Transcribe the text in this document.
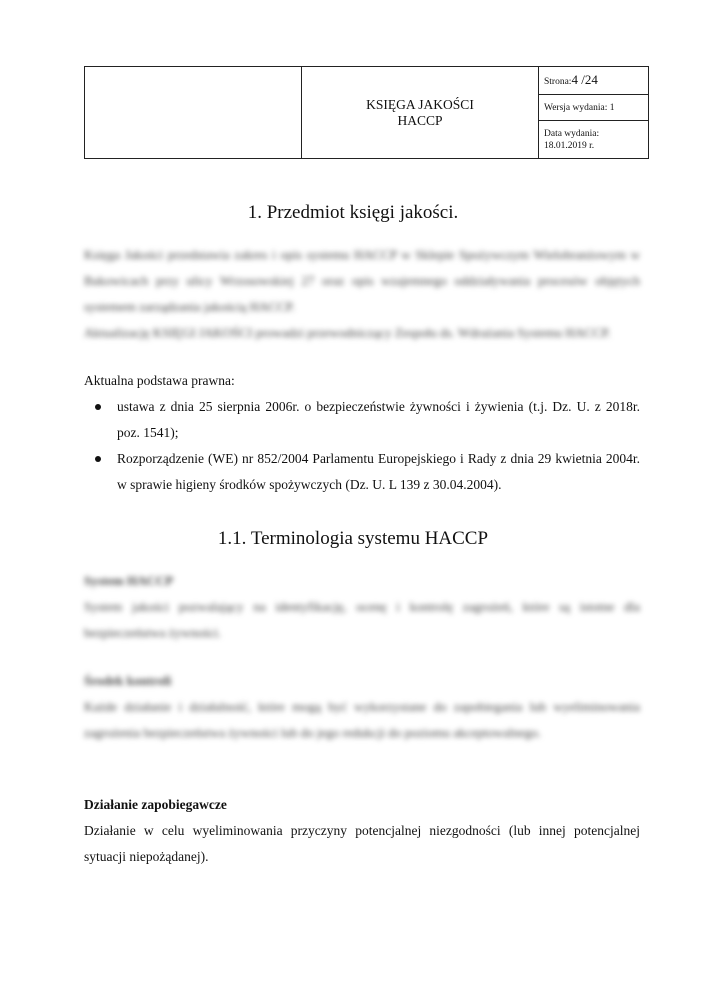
KSIĘGA JAKOŚCI
HACCP
	Strona:4 /24
Wersja wydania: 1

Data wydania:
18.01.2019 r.
1. Przedmiot księgi jakości.
Księga Jakości przedstawia zakres i opis systemu HACCP w Sklepie Spożywczym Wielobranżowym w Bakowicach przy ulicy Wrzosowskiej 27 oraz opis wzajemnego oddziaływania procesów objętych systemem zarządzania jakością HACCP.
Aktualizację KSIĘGI JAKOŚCI prowadzi przewodniczący Zespołu ds. Wdrażania Systemu HACCP.
Aktualna podstawa prawna:
ustawa z dnia 25 sierpnia 2006r. o bezpieczeństwie żywności i żywienia (t.j. Dz. U. z 2018r. poz. 1541);
Rozporządzenie (WE) nr 852/2004 Parlamentu Europejskiego i Rady z dnia 29 kwietnia 2004r. w sprawie higieny środków spożywczych (Dz. U. L 139 z 30.04.2004).
1.1. Terminologia systemu HACCP
System HACCP
System jakości pozwalający na identyfikację, ocenę i kontrolę zagrożeń, które są istotne dla bezpieczeństwa żywności.
Środek kontroli
Każde działanie i działalność, które mogą być wykorzystane do zapobiegania lub wyeliminowania zagrożenia bezpieczeństwa żywności lub do jego redukcji do poziomu akceptowalnego.
Działanie zapobiegawcze
Działanie w celu wyeliminowania przyczyny potencjalnej niezgodności (lub innej potencjalnej sytuacji niepożądanej).
